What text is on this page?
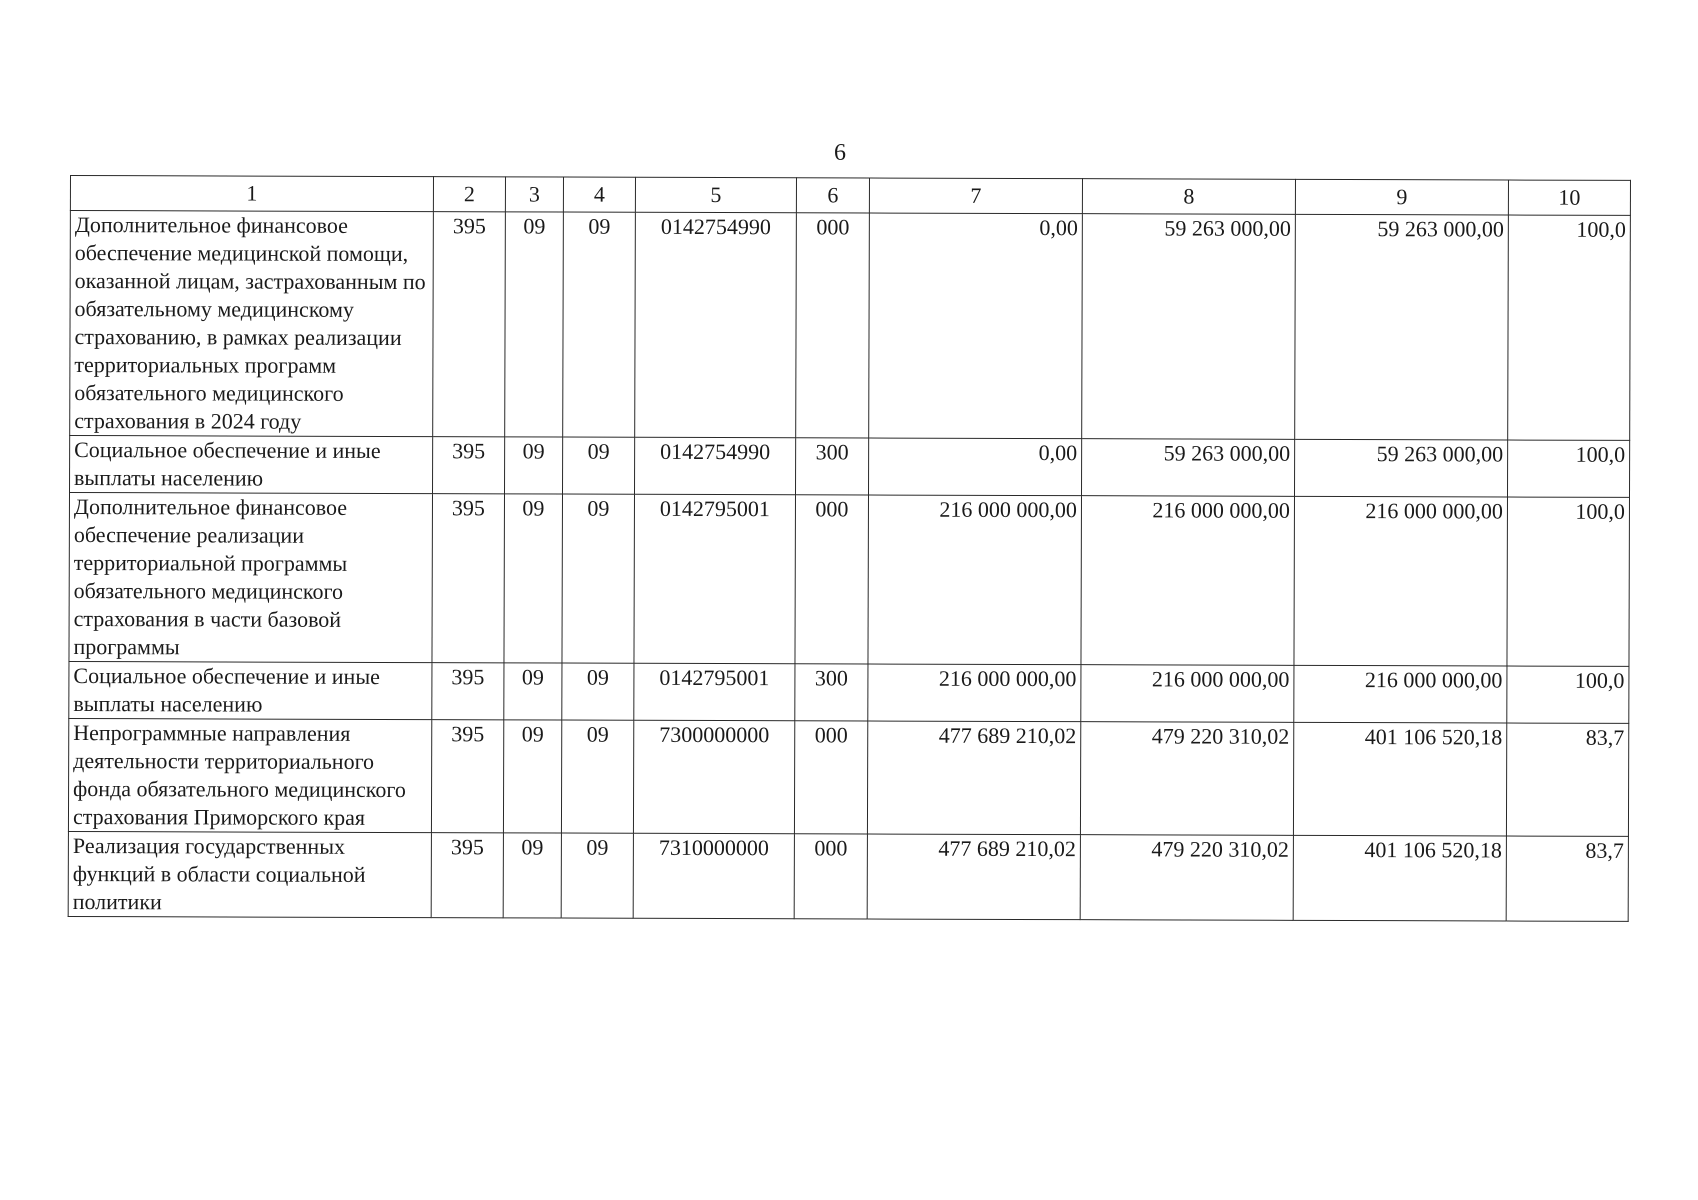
6
1	2	3	4	5	6	7	8	9	10
Дополнительное финансовое обеспечение медицинской помощи, оказанной лицам, застрахованным по обязательному медицинскому страхованию, в рамках реализации территориальных программ обязательного медицинского страхования в 2024 году	395	09	09	0142754990	000	0,00	59 263 000,00	59 263 000,00	100,0
Социальное обеспечение и иные выплаты населению	395	09	09	0142754990	300	0,00	59 263 000,00	59 263 000,00	100,0
Дополнительное финансовое обеспечение реализации территориальной программы обязательного медицинского страхования в части базовой программы	395	09	09	0142795001	000	216 000 000,00	216 000 000,00	216 000 000,00	100,0
Социальное обеспечение и иные выплаты населению	395	09	09	0142795001	300	216 000 000,00	216 000 000,00	216 000 000,00	100,0
Непрограммные направления деятельности территориального фонда обязательного медицинского страхования Приморского края	395	09	09	7300000000	000	477 689 210,02	479 220 310,02	401 106 520,18	83,7
Реализация государственных функций в области социальной политики	395	09	09	7310000000	000	477 689 210,02	479 220 310,02	401 106 520,18	83,7
